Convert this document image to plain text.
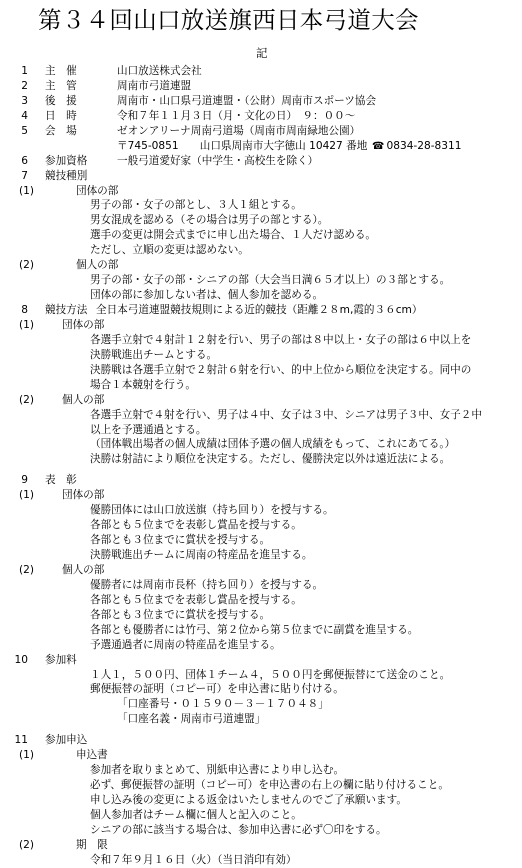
第３４回山口放送旗西日本弓道大会
記
1 主　催	山口放送株式会社
2 主　管	周南市弓道連盟
3 後　援	周南市・山口県弓道連盟・（公財）周南市スポーツ協会
4 日　時	令和７年１１月３日（月・文化の日）　９：００～
5 会　場	ゼオンアリーナ周南弓道場（周南市周南緑地公園）
〒745-0851　　山口県周南市大字徳山 10427 番地 ☎ 0834-28-8311
6 参加資格	一般弓道愛好家（中学生・高校生を除く）
7 競技種別
(1)	団体の部
男子の部・女子の部とし、３人１組とする。
男女混成を認める（その場合は男子の部とする）。
選手の変更は開会式までに申し出た場合、１人だけ認める。
ただし、立順の変更は認めない。
(2)	個人の部
男子の部・女子の部・シニアの部（大会当日満６５才以上）の３部とする。
団体の部に参加しない者は、個人参加を認める。
8 競技方法 全日本弓道連盟競技規則による近的競技（距離２８m,霞的３６cm）
(1)	団体の部
各選手立射で４射計１２射を行い、男子の部は８中以上・女子の部は６中以上を
決勝戦進出チームとする。
決勝戦は各選手立射で２射計６射を行い、的中上位から順位を決定する。同中の
場合１本競射を行う。
(2)	個人の部
各選手立射で４射を行い、男子は４中、女子は３中、シニアは男子３中、女子２中
以上を予選通過とする。
（団体戦出場者の個人成績は団体予選の個人成績をもって、これにあてる。）
決勝は射詰により順位を決定する。ただし、優勝決定以外は遠近法による。
9 表　彰
(1)	団体の部
優勝団体には山口放送旗（持ち回り）を授与する。
各部とも５位までを表彰し賞品を授与する。
各部とも３位までに賞状を授与する。
決勝戦進出チームに周南の特産品を進呈する。
(2)	個人の部
優勝者には周南市長杯（持ち回り）を授与する。
各部とも５位までを表彰し賞品を授与する。
各部とも３位までに賞状を授与する。
各部とも優勝者には竹弓、第２位から第５位までに副賞を進呈する。
予選通過者に周南の特産品を進呈する。
10 参加料
１人１，５００円、団体１チーム４，５００円を郵便振替にて送金のこと。
郵便振替の証明（コピー可）を申込書に貼り付ける。
「口座番号・０１５９０－３－１７０４８」
「口座名義・周南市弓道連盟」
11 参加申込
(1)	申込書
参加者を取りまとめて、別紙申込書により申し込む。
必ず、郵便振替の証明（コピー可）を申込書の右上の欄に貼り付けること。
申し込み後の変更による返金はいたしませんのでご了承願います。
個人参加者はチーム欄に個人と記入のこと。
シニアの部に該当する場合は、参加申込書に必ず〇印をする。
(2)	期　限
令和７年９月１６日（火）（当日消印有効）
